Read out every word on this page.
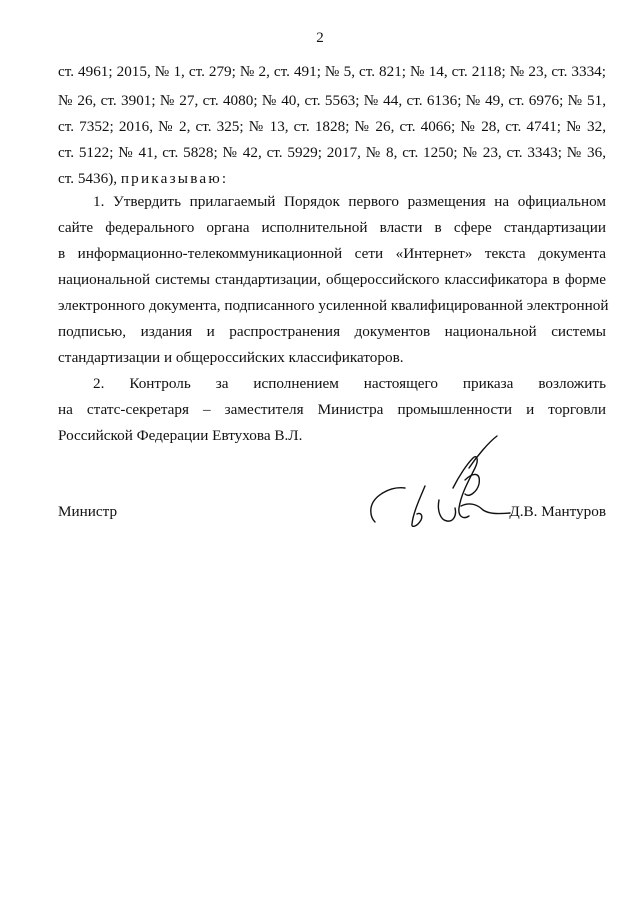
2
ст. 4961; 2015, № 1, ст. 279; № 2, ст. 491; № 5, ст. 821; № 14, ст. 2118; № 23, ст. 3334;
№ 26, ст. 3901; № 27, ст. 4080; № 40, ст. 5563; № 44, ст. 6136; № 49, ст. 6976; № 51,
ст. 7352; 2016, № 2, ст. 325; № 13, ст. 1828; № 26, ст. 4066; № 28, ст. 4741; № 32,
ст. 5122; № 41, ст. 5828; № 42, ст. 5929; 2017, № 8, ст. 1250; № 23, ст. 3343; № 36,
ст. 5436), приказываю:
1. Утвердить прилагаемый Порядок первого размещения на официальном
сайте федерального органа исполнительной власти в сфере стандартизации
в информационно-телекоммуникационной сети «Интернет» текста документа
национальной системы стандартизации, общероссийского классификатора в форме
электронного документа, подписанного усиленной квалифицированной электронной
подписью, издания и распространения документов национальной системы
стандартизации и общероссийских классификаторов.
2. Контроль за исполнением настоящего приказа возложить
на статс-секретаря – заместителя Министра промышленности и торговли
Российской Федерации Евтухова В.Л.
Министр	Д.В. Мантуров
